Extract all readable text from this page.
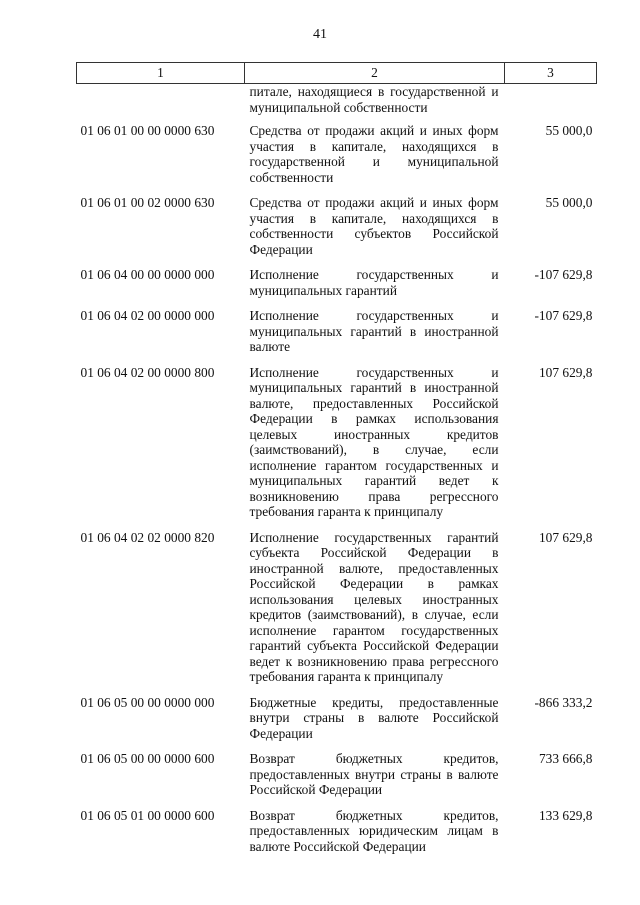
41
1	2	3
	питале, находящиеся в государственной и муниципальной собственности	
01 06 01 00 00 0000 630	Средства от продажи акций и иных форм участия в капитале, находящихся в государственной и муниципальной собственности	55 000,0
01 06 01 00 02 0000 630	Средства от продажи акций и иных форм участия в капитале, находящихся в собственности субъектов Российской Федерации	55 000,0
01 06 04 00 00 0000 000	Исполнение государственных и муниципальных гарантий	-107 629,8
01 06 04 02 00 0000 000	Исполнение государственных и муниципальных гарантий в иностранной валюте	-107 629,8
01 06 04 02 00 0000 800	Исполнение государственных и муниципальных гарантий в иностранной валюте, предоставленных Российской Федерации в рамках использования целевых иностранных кредитов (заимствований), в случае, если исполнение гарантом государственных и муниципальных гарантий ведет к возникновению права регрессного требования гаранта к принципалу	107 629,8
01 06 04 02 02 0000 820	Исполнение государственных гарантий субъекта Российской Федерации в иностранной валюте, предоставленных Российской Федерации в рамках использования целевых иностранных кредитов (заимствований), в случае, если исполнение гарантом государственных гарантий субъекта Российской Федерации ведет к возникновению права регрессного требования гаранта к принципалу	107 629,8
01 06 05 00 00 0000 000	Бюджетные кредиты, предоставленные внутри страны в валюте Российской Федерации	-866 333,2
01 06 05 00 00 0000 600	Возврат бюджетных кредитов, предоставленных внутри страны в валюте Российской Федерации	733 666,8
01 06 05 01 00 0000 600	Возврат бюджетных кредитов, предоставленных юридическим лицам в валюте Российской Федерации	133 629,8
